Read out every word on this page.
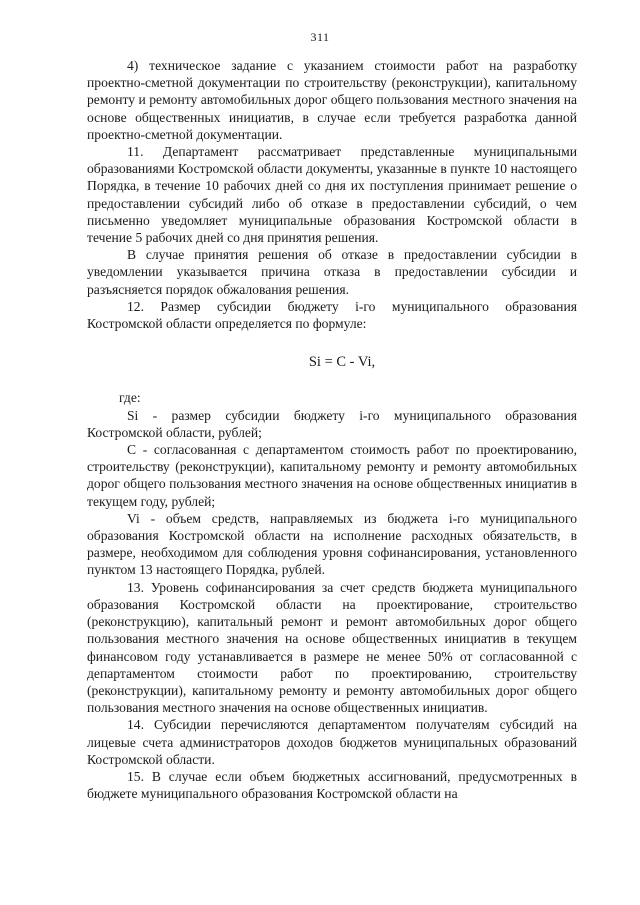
311

4) техническое задание с указанием стоимости работ на разработку проектно-сметной документации по строительству (реконструкции), капитальному ремонту и ремонту автомобильных дорог общего пользования местного значения на основе общественных инициатив, в случае если требуется разработка данной проектно-сметной документации.

11. Департамент рассматривает представленные муниципальными образованиями Костромской области документы, указанные в пункте 10 настоящего Порядка, в течение 10 рабочих дней со дня их поступления принимает решение о предоставлении субсидий либо об отказе в предоставлении субсидий, о чем письменно уведомляет муниципальные образования Костромской области в течение 5 рабочих дней со дня принятия решения.

В случае принятия решения об отказе в предоставлении субсидии в уведомлении указывается причина отказа в предоставлении субсидии и разъясняется порядок обжалования решения.

12. Размер субсидии бюджету i-го муниципального образования Костромской области определяется по формуле:

Si = C - Vi,

где:

Si - размер субсидии бюджету i-го муниципального образования Костромской области, рублей;

C - согласованная с департаментом стоимость работ по проектированию, строительству (реконструкции), капитальному ремонту и ремонту автомобильных дорог общего пользования местного значения на основе общественных инициатив в текущем году, рублей;

Vi - объем средств, направляемых из бюджета i-го муниципального образования Костромской области на исполнение расходных обязательств, в размере, необходимом для соблюдения уровня софинансирования, установленного пунктом 13 настоящего Порядка, рублей.

13. Уровень софинансирования за счет средств бюджета муниципального образования Костромской области на проектирование, строительство (реконструкцию), капитальный ремонт и ремонт автомобильных дорог общего пользования местного значения на основе общественных инициатив в текущем финансовом году устанавливается в размере не менее 50% от согласованной с департаментом стоимости работ по проектированию, строительству (реконструкции), капитальному ремонту и ремонту автомобильных дорог общего пользования местного значения на основе общественных инициатив.

14. Субсидии перечисляются департаментом получателям субсидий на лицевые счета администраторов доходов бюджетов муниципальных образований Костромской области.

15. В случае если объем бюджетных ассигнований, предусмотренных в бюджете муниципального образования Костромской области на
